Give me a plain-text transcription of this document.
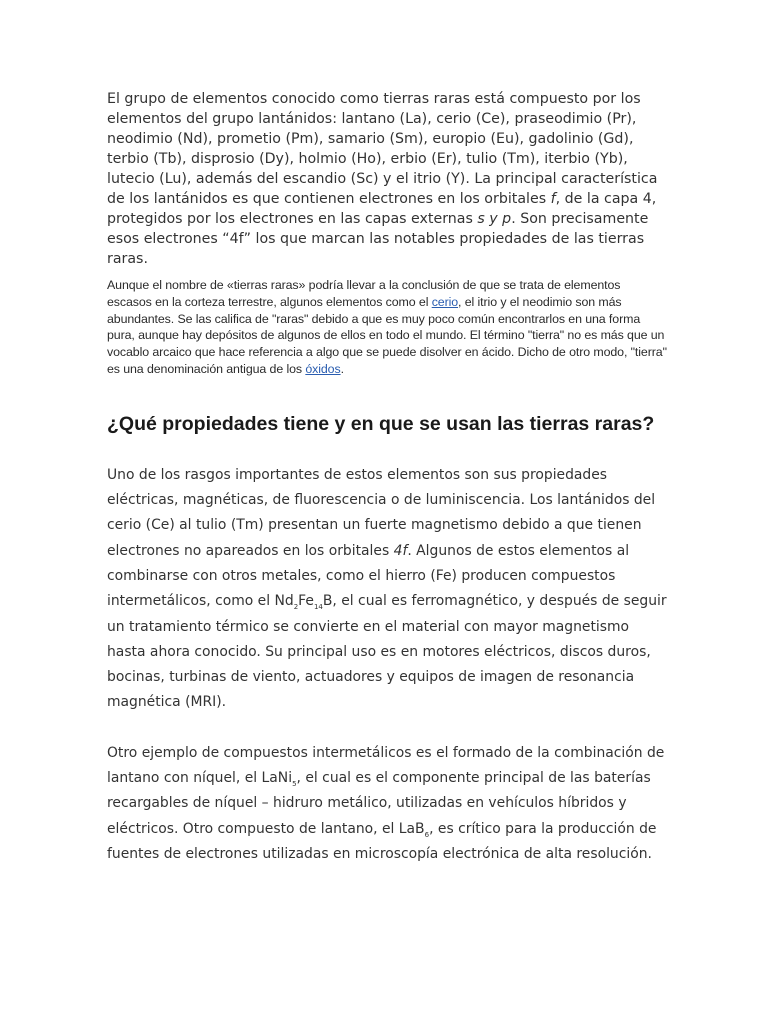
El grupo de elementos conocido como tierras raras está compuesto por los elementos del grupo lantánidos: lantano (La), cerio (Ce), praseodimio (Pr), neodimio (Nd), prometio (Pm), samario (Sm), europio (Eu), gadolinio (Gd), terbio (Tb), disprosio (Dy), holmio (Ho), erbio (Er), tulio (Tm), iterbio (Yb), lutecio (Lu), además del escandio (Sc) y el itrio (Y). La principal característica de los lantánidos es que contienen electrones en los orbitales f, de la capa 4, protegidos por los electrones en las capas externas s y p. Son precisamente esos electrones “4f” los que marcan las notables propiedades de las tierras raras.

Aunque el nombre de «tierras raras» podría llevar a la conclusión de que se trata de elementos escasos en la corteza terrestre, algunos elementos como el cerio, el itrio y el neodimio son más abundantes. Se las califica de "raras" debido a que es muy poco común encontrarlos en una forma pura, aunque hay depósitos de algunos de ellos en todo el mundo. El término "tierra" no es más que un vocablo arcaico que hace referencia a algo que se puede disolver en ácido. Dicho de otro modo, "tierra" es una denominación antigua de los óxidos.

¿Qué propiedades tiene y en que se usan las tierras raras?

Uno de los rasgos importantes de estos elementos son sus propiedades eléctricas, magnéticas, de fluorescencia o de luminiscencia. Los lantánidos del cerio (Ce) al tulio (Tm) presentan un fuerte magnetismo debido a que tienen electrones no apareados en los orbitales 4f. Algunos de estos elementos al combinarse con otros metales, como el hierro (Fe) producen compuestos intermetálicos, como el $Nd_2Fe_{14}B$, el cual es ferromagnético, y después de seguir un tratamiento térmico se convierte en el material con mayor magnetismo hasta ahora conocido. Su principal uso es en motores eléctricos, discos duros, bocinas, turbinas de viento, actuadores y equipos de imagen de resonancia magnética (MRI).

Otro ejemplo de compuestos intermetálicos es el formado de la combinación de lantano con níquel, el LaNi$_5$, el cual es el componente principal de las baterías recargables de níquel – hidruro metálico, utilizadas en vehículos híbridos y eléctricos. Otro compuesto de lantano, el LaB$_6$, es crítico para la producción de fuentes de electrones utilizadas en microscopía electrónica de alta resolución.
